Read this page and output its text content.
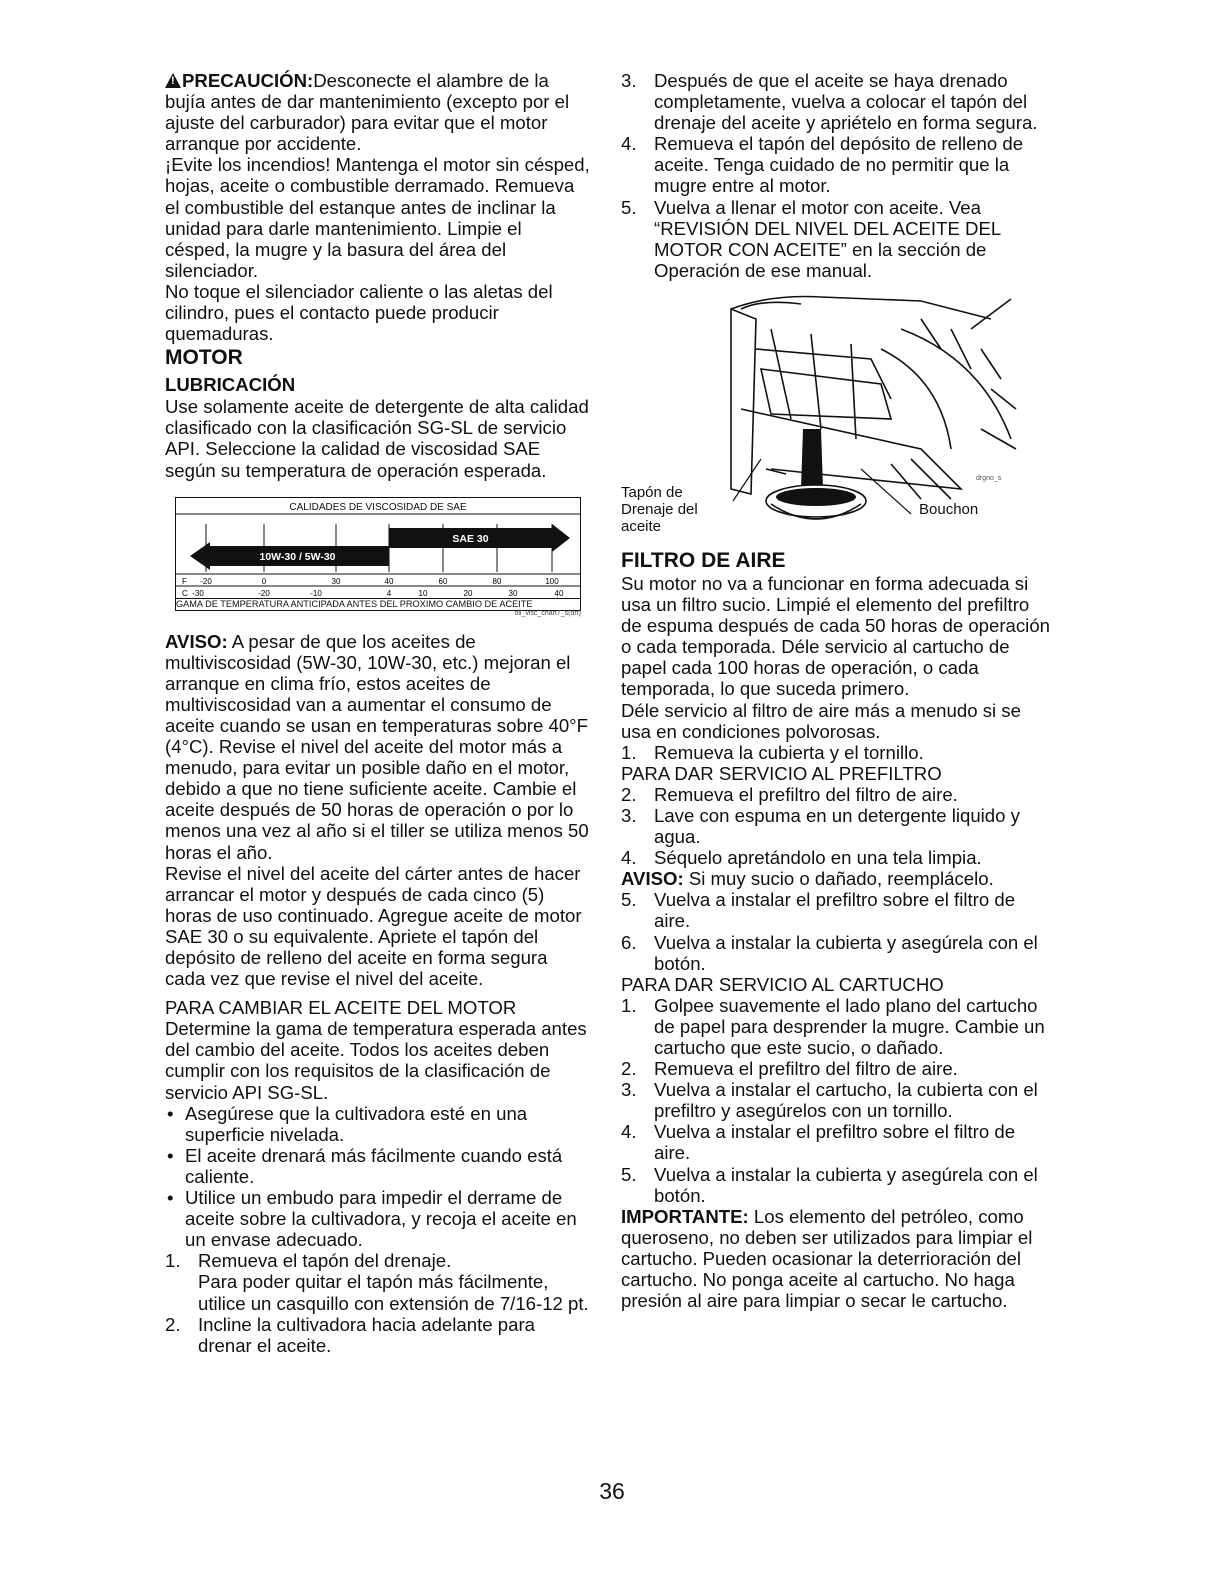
!PRECAUCIÓN:Desconecte el alambre de la bujía antes de dar mantenimiento (excepto por el ajuste del carburador) para evitar que el motor arranque por accidente.

¡Evite los incendios! Mantenga el motor sin césped, hojas, aceite o combustible derramado. Remueva el combustible del estanque antes de inclinar la unidad para darle mantenimiento. Limpie el césped, la mugre y la basura del área del silenciador.

No toque el silenciador caliente o las aletas del cilindro, pues el contacto puede producir quemaduras.

MOTOR
LUBRICACIÓN

Use solamente aceite de detergente de alta calidad clasificado con la clasificación SG-SL de servicio API. Seleccione la calidad de viscosidad SAE según su temperatura de operación esperada.

CALIDADES DE VISCOSIDAD DE SAE
10W-30 / 5W-30
SAE 30
F -20	0	30	40	60	80	100
C -30	-20	-10	4	10	20	30	40
GAMA DE TEMPERATURA ANTICIPADA ANTES DEL PROXIMO CAMBIO DE ACEITE
oil_visc_chart7_s(drt)

AVISO: A pesar de que los aceites de multiviscosidad (5W-30, 10W-30, etc.) mejoran el arranque en clima frío, estos aceites de multiviscosidad van a aumentar el consumo de aceite cuando se usan en temperaturas sobre 40°F (4°C). Revise el nivel del aceite del motor más a menudo, para evitar un posible daño en el motor, debido a que no tiene suficiente aceite. Cambie el aceite después de 50 horas de operación o por lo menos una vez al año si el tiller se utiliza menos 50 horas el año.

Revise el nivel del aceite del cárter antes de hacer arrancar el motor y después de cada cinco (5) horas de uso continuado. Agregue aceite de motor SAE 30 o su equivalente. Apriete el tapón del depósito de relleno del aceite en forma segura cada vez que revise el nivel del aceite.

PARA CAMBIAR EL ACEITE DEL MOTOR

Determine la gama de temperatura esperada antes del cambio del aceite. Todos los aceites deben cumplir con los requisitos de la clasificación de servicio API SG-SL.

• Asegúrese que la cultivadora esté en una superficie nivelada.
• El aceite drenará más fácilmente cuando está caliente.
• Utilice un embudo para impedir el derrame de aceite sobre la cultivadora, y recoja el aceite en un envase adecuado.
1. Remueva el tapón del drenaje.
Para poder quitar el tapón más fácilmente, utilice un casquillo con extensión de 7/16-12 pt.
2. Incline la cultivadora hacia adelante para drenar el aceite.
3. Después de que el aceite se haya drenado completamente, vuelva a colocar el tapón del drenaje del aceite y apriételo en forma segura.
4. Remueva el tapón del depósito de relleno de aceite. Tenga cuidado de no permitir que la mugre entre al motor.
5. Vuelva a llenar el motor con aceite. Vea “REVISIÓN DEL NIVEL DEL ACEITE DEL MOTOR CON ACEITE” en la sección de Operación de ese manual.
Tapón de
Drenaje del
aceite
Bouchon
drgno_s
FILTRO DE AIRE

Su motor no va a funcionar en forma adecuada si usa un filtro sucio. Limpié el elemento del prefiltro de espuma después de cada 50 horas de operación o cada temporada. Déle servicio al cartucho de papel cada 100 horas de operación, o cada temporada, lo que suceda primero.

Déle servicio al filtro de aire más a menudo si se usa en condiciones polvorosas.

1. Remueva la cubierta y el tornillo.

PARA DAR SERVICIO AL PREFILTRO

2. Remueva el prefiltro del filtro de aire.
3. Lave con espuma en un detergente liquido y agua.
4. Séquelo apretándolo en una tela limpia.

AVISO: Si muy sucio o dañado, reemplácelo.

5. Vuelva a instalar el prefiltro sobre el filtro de aire.
6. Vuelva a instalar la cubierta y asegúrela con el botón.

PARA DAR SERVICIO AL CARTUCHO

1. Golpee suavemente el lado plano del cartucho de papel para desprender la mugre. Cambie un cartucho que este sucio, o dañado.
2. Remueva el prefiltro del filtro de aire.
3. Vuelva a instalar el cartucho, la cubierta con el prefiltro y asegúrelos con un tornillo.
4. Vuelva a instalar el prefiltro sobre el filtro de aire.
5. Vuelva a instalar la cubierta y asegúrela con el botón.

IMPORTANTE: Los elemento del petróleo, como queroseno, no deben ser utilizados para limpiar el cartucho. Pueden ocasionar la deterrioración del cartucho. No ponga aceite al cartucho. No haga presión al aire para limpiar o secar le cartucho.

36
